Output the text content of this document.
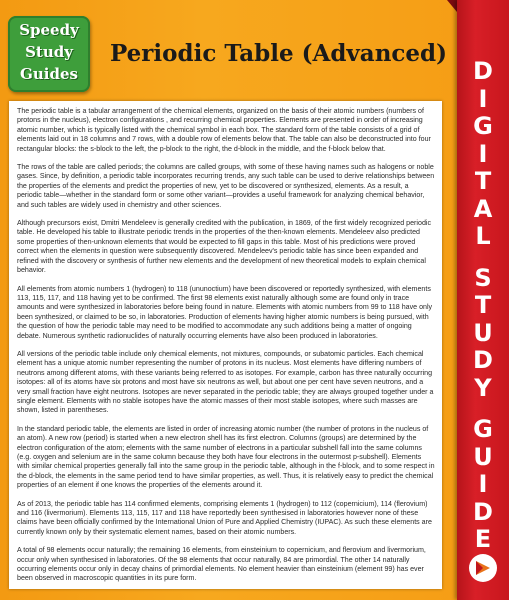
Speedy
Study
Guides
Periodic Table (Advanced)

The periodic table is a tabular arrangement of the chemical elements, organized on the basis of their atomic numbers (numbers of protons in the nucleus), electron configurations , and recurring chemical properties. Elements are presented in order of increasing atomic number, which is typically listed with the chemical symbol in each box. The standard form of the table consists of a grid of elements laid out in 18 columns and 7 rows, with a double row of elements below that. The table can also be deconstructed into four rectangular blocks: the s-block to the left, the p-block to the right, the d-block in the middle, and the f-block below that.

The rows of the table are called periods; the columns are called groups, with some of these having names such as halogens or noble gases. Since, by definition, a periodic table incorporates recurring trends, any such table can be used to derive relationships between the properties of the elements and predict the properties of new, yet to be discovered or synthesized, elements. As a result, a periodic table—whether in the standard form or some other variant—provides a useful framework for analyzing chemical behavior, and such tables are widely used in chemistry and other sciences.

Although precursors exist, Dmitri Mendeleev is generally credited with the publication, in 1869, of the first widely recognized periodic table. He developed his table to illustrate periodic trends in the properties of the then-known elements. Mendeleev also predicted some properties of then-unknown elements that would be expected to fill gaps in this table. Most of his predictions were proved correct when the elements in question were subsequently discovered. Mendeleev's periodic table has since been expanded and refined with the discovery or synthesis of further new elements and the development of new theoretical models to explain chemical behavior.

All elements from atomic numbers 1 (hydrogen) to 118 (ununoctium) have been discovered or reportedly synthesized, with elements 113, 115, 117, and 118 having yet to be confirmed. The first 98 elements exist naturally although some are found only in trace amounts and were synthesized in laboratories before being found in nature. Elements with atomic numbers from 99 to 118 have only been synthesized, or claimed to be so, in laboratories. Production of elements having higher atomic numbers is being pursued, with the question of how the periodic table may need to be modified to accommodate any such additions being a matter of ongoing debate. Numerous synthetic radionuclides of naturally occurring elements have also been produced in laboratories.

All versions of the periodic table include only chemical elements, not mixtures, compounds, or subatomic particles. Each chemical element has a unique atomic number representing the number of protons in its nucleus. Most elements have differing numbers of neutrons among different atoms, with these variants being referred to as isotopes. For example, carbon has three naturally occurring isotopes: all of its atoms have six protons and most have six neutrons as well, but about one per cent have seven neutrons, and a very small fraction have eight neutrons. Isotopes are never separated in the periodic table; they are always grouped together under a single element. Elements with no stable isotopes have the atomic masses of their most stable isotopes, where such masses are shown, listed in parentheses.

In the standard periodic table, the elements are listed in order of increasing atomic number (the number of protons in the nucleus of an atom). A new row (period) is started when a new electron shell has its first electron. Columns (groups) are determined by the electron configuration of the atom; elements with the same number of electrons in a particular subshell fall into the same columns (e.g. oxygen and selenium are in the same column because they both have four electrons in the outermost p-subshell). Elements with similar chemical properties generally fall into the same group in the periodic table, although in the f-block, and to some respect in the d-block, the elements in the same period tend to have similar properties, as well. Thus, it is relatively easy to predict the chemical properties of an element if one knows the properties of the elements around it.

As of 2013, the periodic table has 114 confirmed elements, comprising elements 1 (hydrogen) to 112 (copernicium), 114 (flerovium) and 116 (livermorium). Elements 113, 115, 117 and 118 have reportedly been synthesised in laboratories however none of these claims have been officially confirmed by the International Union of Pure and Applied Chemistry (IUPAC). As such these elements are currently known only by their systematic element names, based on their atomic numbers.

A total of 98 elements occur naturally; the remaining 16 elements, from einsteinium to copernicium, and flerovium and livermorium, occur only when synthesised in laboratories. Of the 98 elements that occur naturally, 84 are primordial. The other 14 naturally occurring elements occur only in decay chains of primordial elements. No element heavier than einsteinium (element 99) has ever been observed in macroscopic quantities in its pure form.

D
I
G
I
T
A
L
S
T
U
D
Y
G
U
I
D
E
